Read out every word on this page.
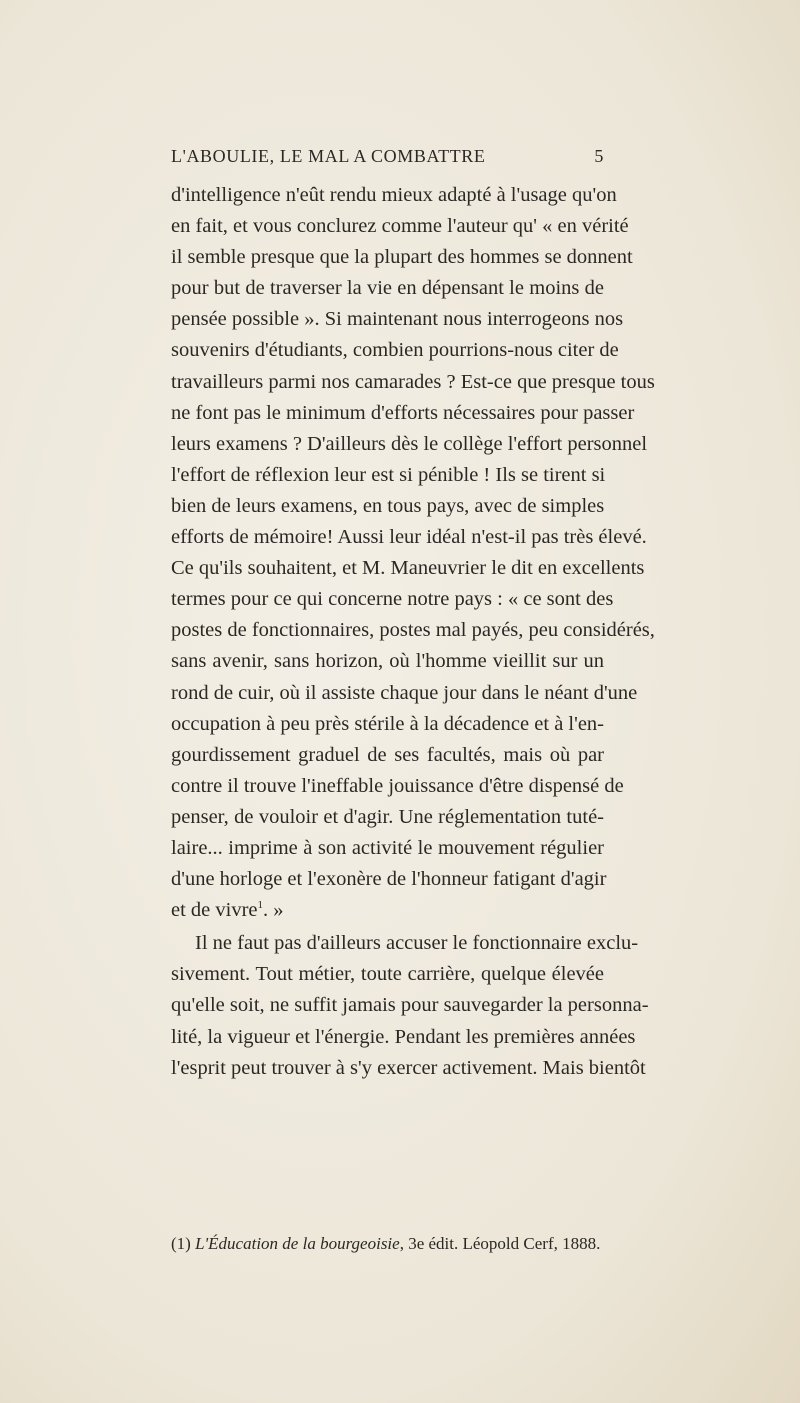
L'ABOULIE, LE MAL A COMBATTRE	5
d'intelligence n'eût rendu mieux adapté à l'usage qu'on
en fait, et vous conclurez comme l'auteur qu' « en vérité
il semble presque que la plupart des hommes se donnent
pour but de traverser la vie en dépensant le moins de
pensée possible ». Si maintenant nous interrogeons nos
souvenirs d'étudiants, combien pourrions-nous citer de
travailleurs parmi nos camarades ? Est-ce que presque tous
ne font pas le minimum d'efforts nécessaires pour passer
leurs examens ? D'ailleurs dès le collège l'effort personnel
l'effort de réflexion leur est si pénible ! Ils se tirent si
bien de leurs examens, en tous pays, avec de simples
efforts de mémoire! Aussi leur idéal n'est-il pas très élevé.
Ce qu'ils souhaitent, et M. Maneuvrier le dit en excellents
termes pour ce qui concerne notre pays : « ce sont des
postes de fonctionnaires, postes mal payés, peu considérés,
sans avenir, sans horizon, où l'homme vieillit sur un
rond de cuir, où il assiste chaque jour dans le néant d'une
occupation à peu près stérile à la décadence et à l'en-
gourdissement graduel de ses facultés, mais où par
contre il trouve l'ineffable jouissance d'être dispensé de
penser, de vouloir et d'agir. Une réglementation tuté-
laire... imprime à son activité le mouvement régulier
d'une horloge et l'exonère de l'honneur fatigant d'agir
et de vivre$^1$. »
Il ne faut pas d'ailleurs accuser le fonctionnaire exclu-
sivement. Tout métier, toute carrière, quelque élevée
qu'elle soit, ne suffit jamais pour sauvegarder la personna-
lité, la vigueur et l'énergie. Pendant les premières années
l'esprit peut trouver à s'y exercer activement. Mais bientôt
(1) L'Éducation de la bourgeoisie, 3e édit. Léopold Cerf, 1888.
